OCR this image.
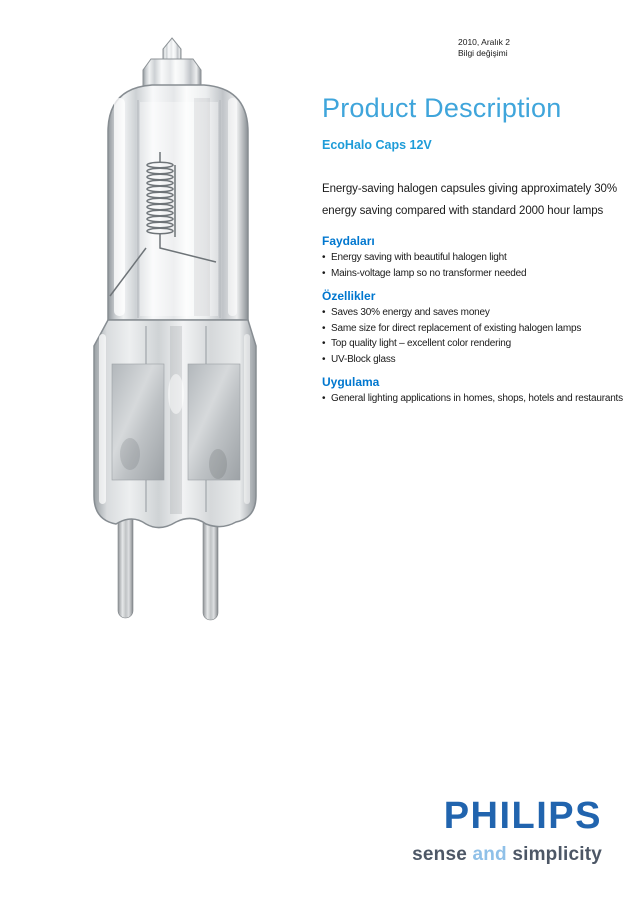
2010, Aralık 2
Bilgi değişimi
Product Description
EcoHalo Caps 12V

Energy-saving halogen capsules giving approximately 30% energy saving compared with standard 2000 hour lamps

Faydaları
• Energy saving with beautiful halogen light
• Mains-voltage lamp so no transformer needed
Özellikler
• Saves 30% energy and saves money
• Same size for direct replacement of existing halogen lamps
• Top quality light – excellent color rendering
• UV-Block glass
Uygulama
• General lighting applications in homes, shops, hotels and restaurants
PHILIPS
sense and simplicity
